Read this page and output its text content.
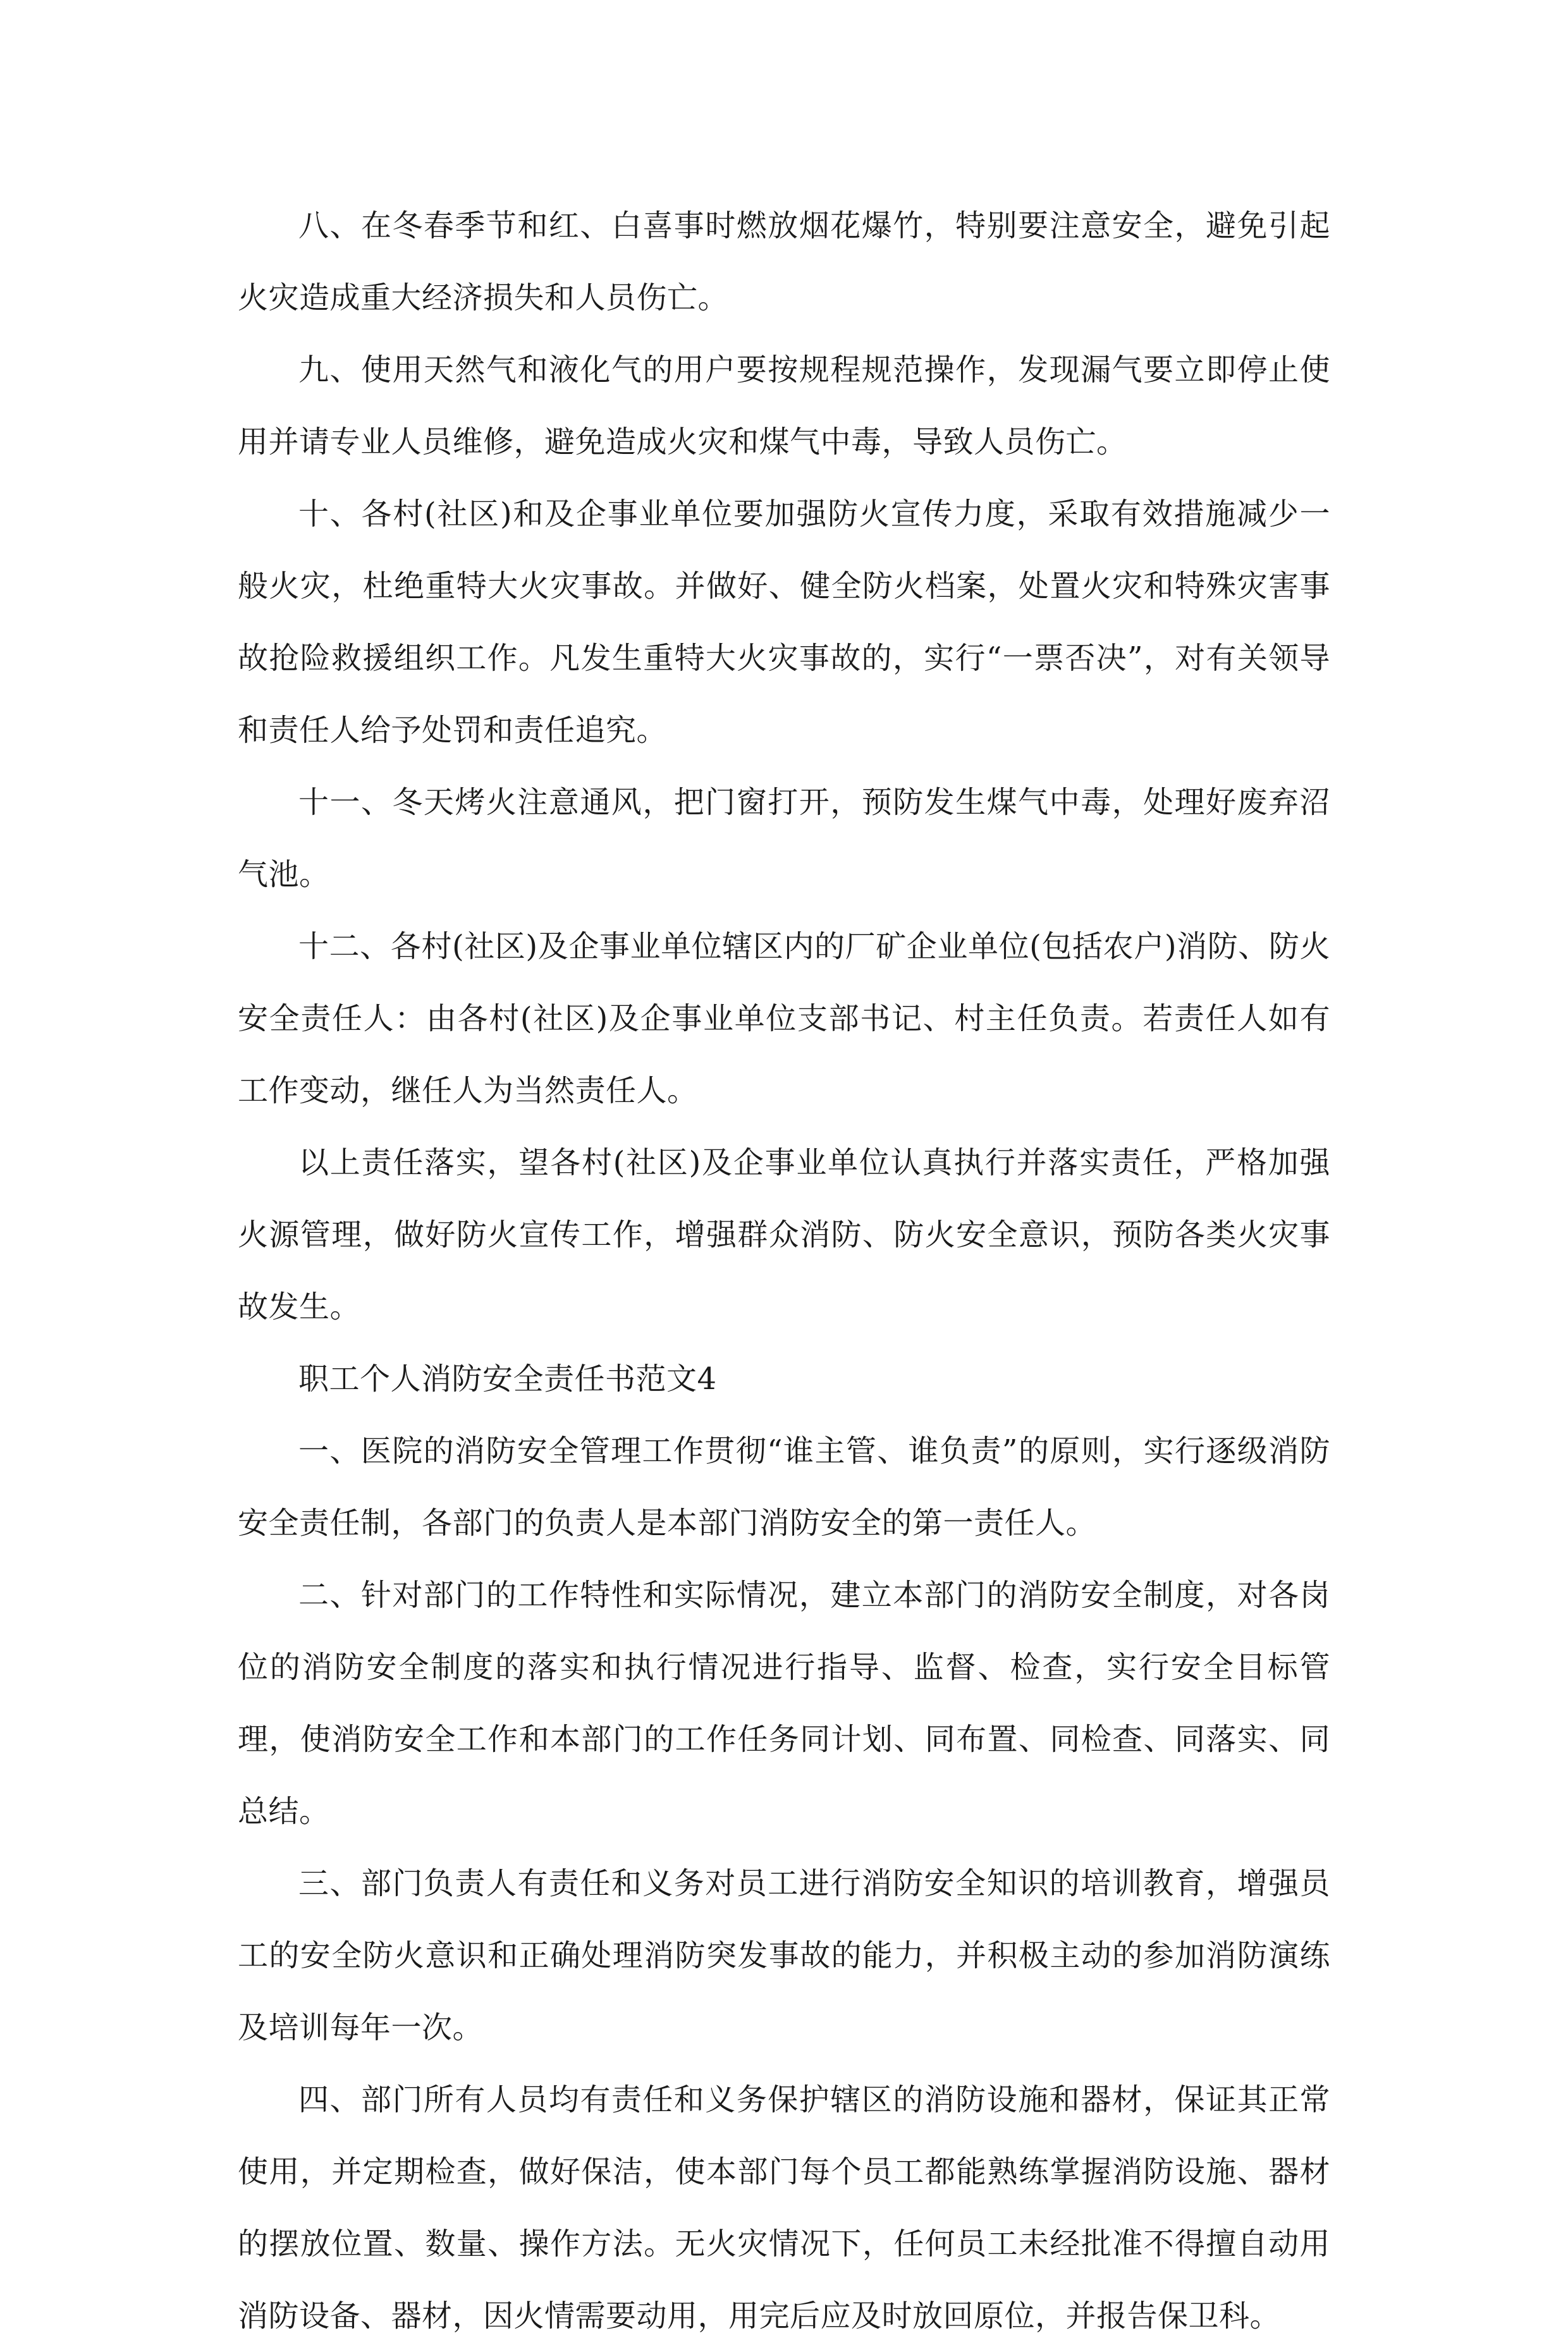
八、在冬春季节和红、白喜事时燃放烟花爆竹，特别要注意安全，避免引起火灾造成重大经济损失和人员伤亡。

九、使用天然气和液化气的用户要按规程规范操作，发现漏气要立即停止使用并请专业人员维修，避免造成火灾和煤气中毒，导致人员伤亡。

十、各村(社区)和及企事业单位要加强防火宣传力度，采取有效措施减少一般火灾，杜绝重特大火灾事故。并做好、健全防火档案，处置火灾和特殊灾害事故抢险救援组织工作。凡发生重特大火灾事故的，实行“一票否决”，对有关领导和责任人给予处罚和责任追究。

十一、冬天烤火注意通风，把门窗打开，预防发生煤气中毒，处理好废弃沼气池。

十二、各村(社区)及企事业单位辖区内的厂矿企业单位(包括农户)消防、防火安全责任人：由各村(社区)及企事业单位支部书记、村主任负责。若责任人如有工作变动，继任人为当然责任人。

以上责任落实，望各村(社区)及企事业单位认真执行并落实责任，严格加强火源管理，做好防火宣传工作，增强群众消防、防火安全意识，预防各类火灾事故发生。

职工个人消防安全责任书范文4

一、医院的消防安全管理工作贯彻“谁主管、谁负责”的原则，实行逐级消防安全责任制，各部门的负责人是本部门消防安全的第一责任人。

二、针对部门的工作特性和实际情况，建立本部门的消防安全制度，对各岗位的消防安全制度的落实和执行情况进行指导、监督、检查，实行安全目标管理，使消防安全工作和本部门的工作任务同计划、同布置、同检查、同落实、同总结。

三、部门负责人有责任和义务对员工进行消防安全知识的培训教育，增强员工的安全防火意识和正确处理消防突发事故的能力，并积极主动的参加消防演练及培训每年一次。

四、部门所有人员均有责任和义务保护辖区的消防设施和器材，保证其正常使用，并定期检查，做好保洁，使本部门每个员工都能熟练掌握消防设施、器材的摆放位置、数量、操作方法。无火灾情况下，任何员工未经批准不得擅自动用消防设备、器材，因火情需要动用，用完后应及时放回原位，并报告保卫科。
